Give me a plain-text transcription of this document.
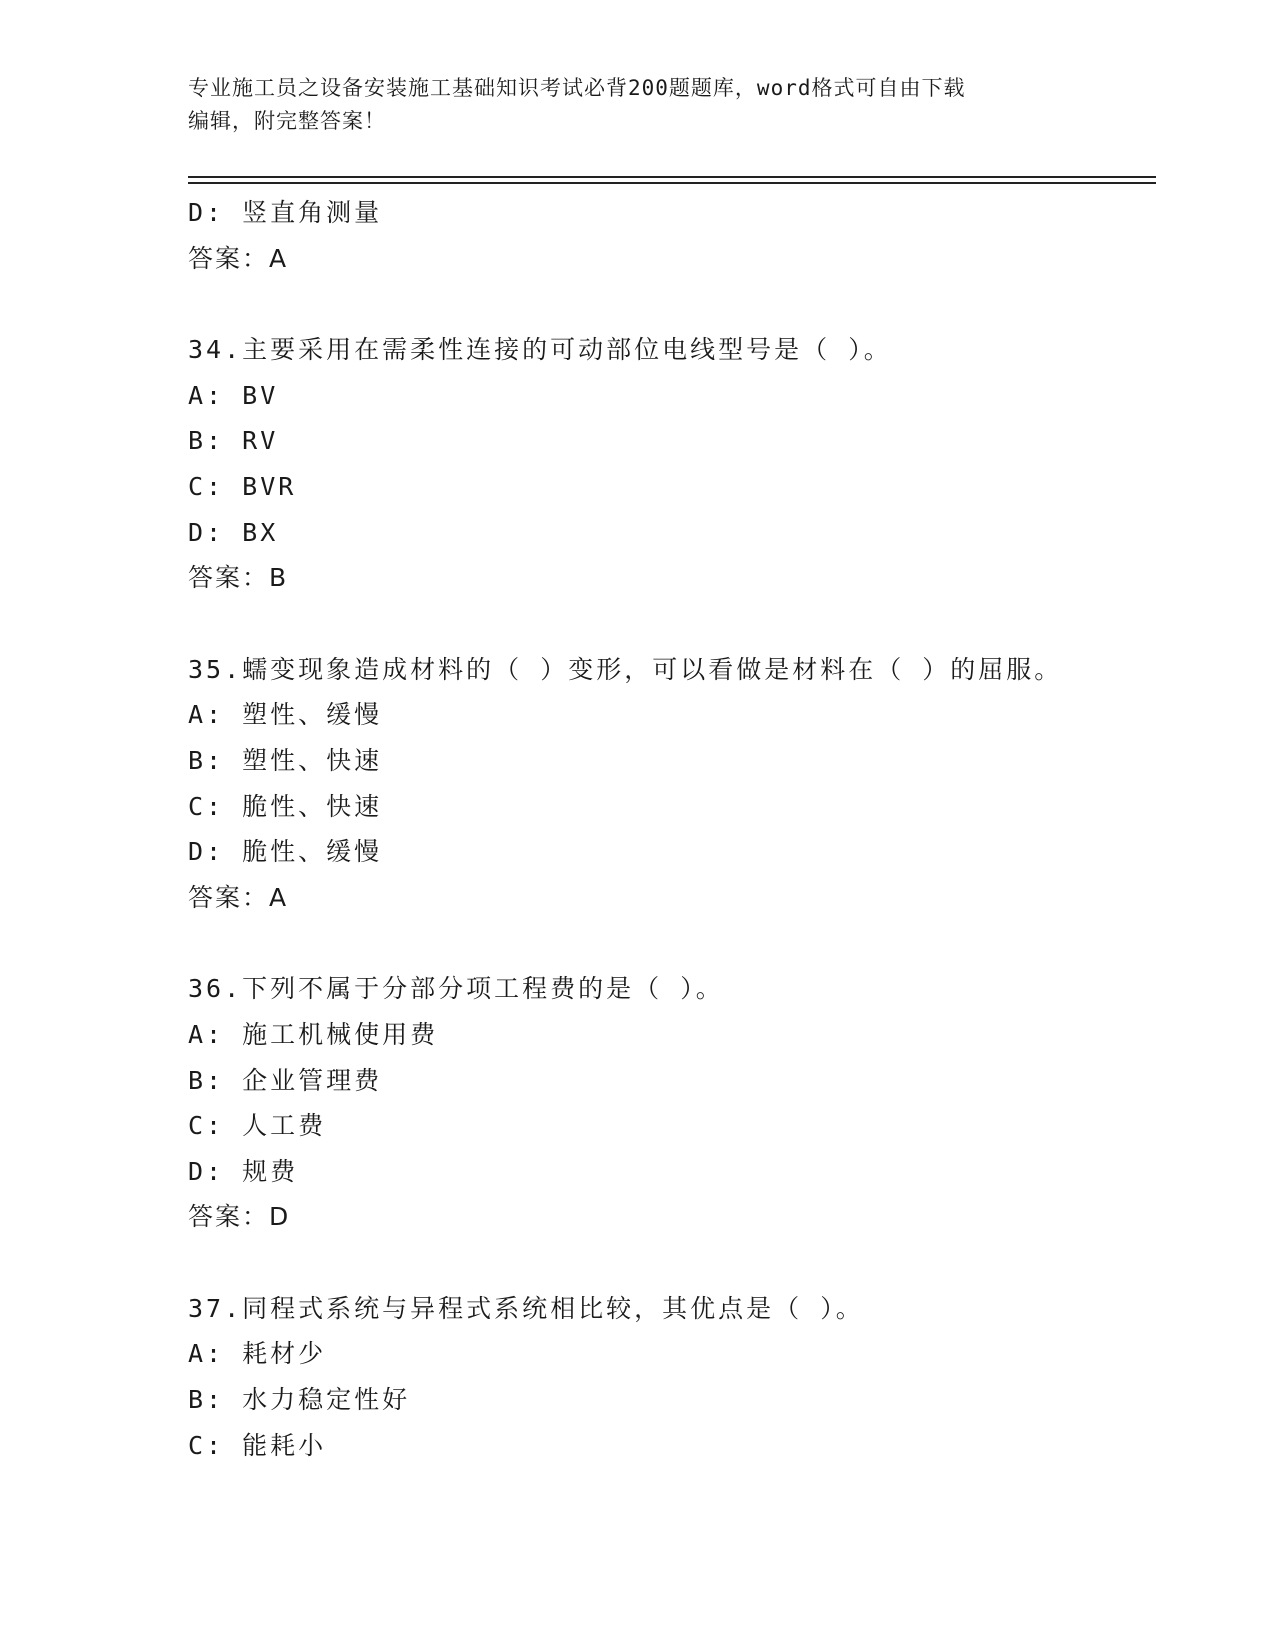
专业施工员之设备安装施工基础知识考试必背200题题库，word格式可自由下载
编辑，附完整答案！
D: 竖直角测量
答案：A
34.主要采用在需柔性连接的可动部位电线型号是（ ）。
A: BV
B: RV
C: BVR
D: BX
答案：B
35.蠕变现象造成材料的（ ）变形，可以看做是材料在（ ）的屈服。
A: 塑性、缓慢
B: 塑性、快速
C: 脆性、快速
D: 脆性、缓慢
答案：A
36.下列不属于分部分项工程费的是（ ）。
A: 施工机械使用费
B: 企业管理费
C: 人工费
D: 规费
答案：D
37.同程式系统与异程式系统相比较，其优点是（ ）。
A: 耗材少
B: 水力稳定性好
C: 能耗小
